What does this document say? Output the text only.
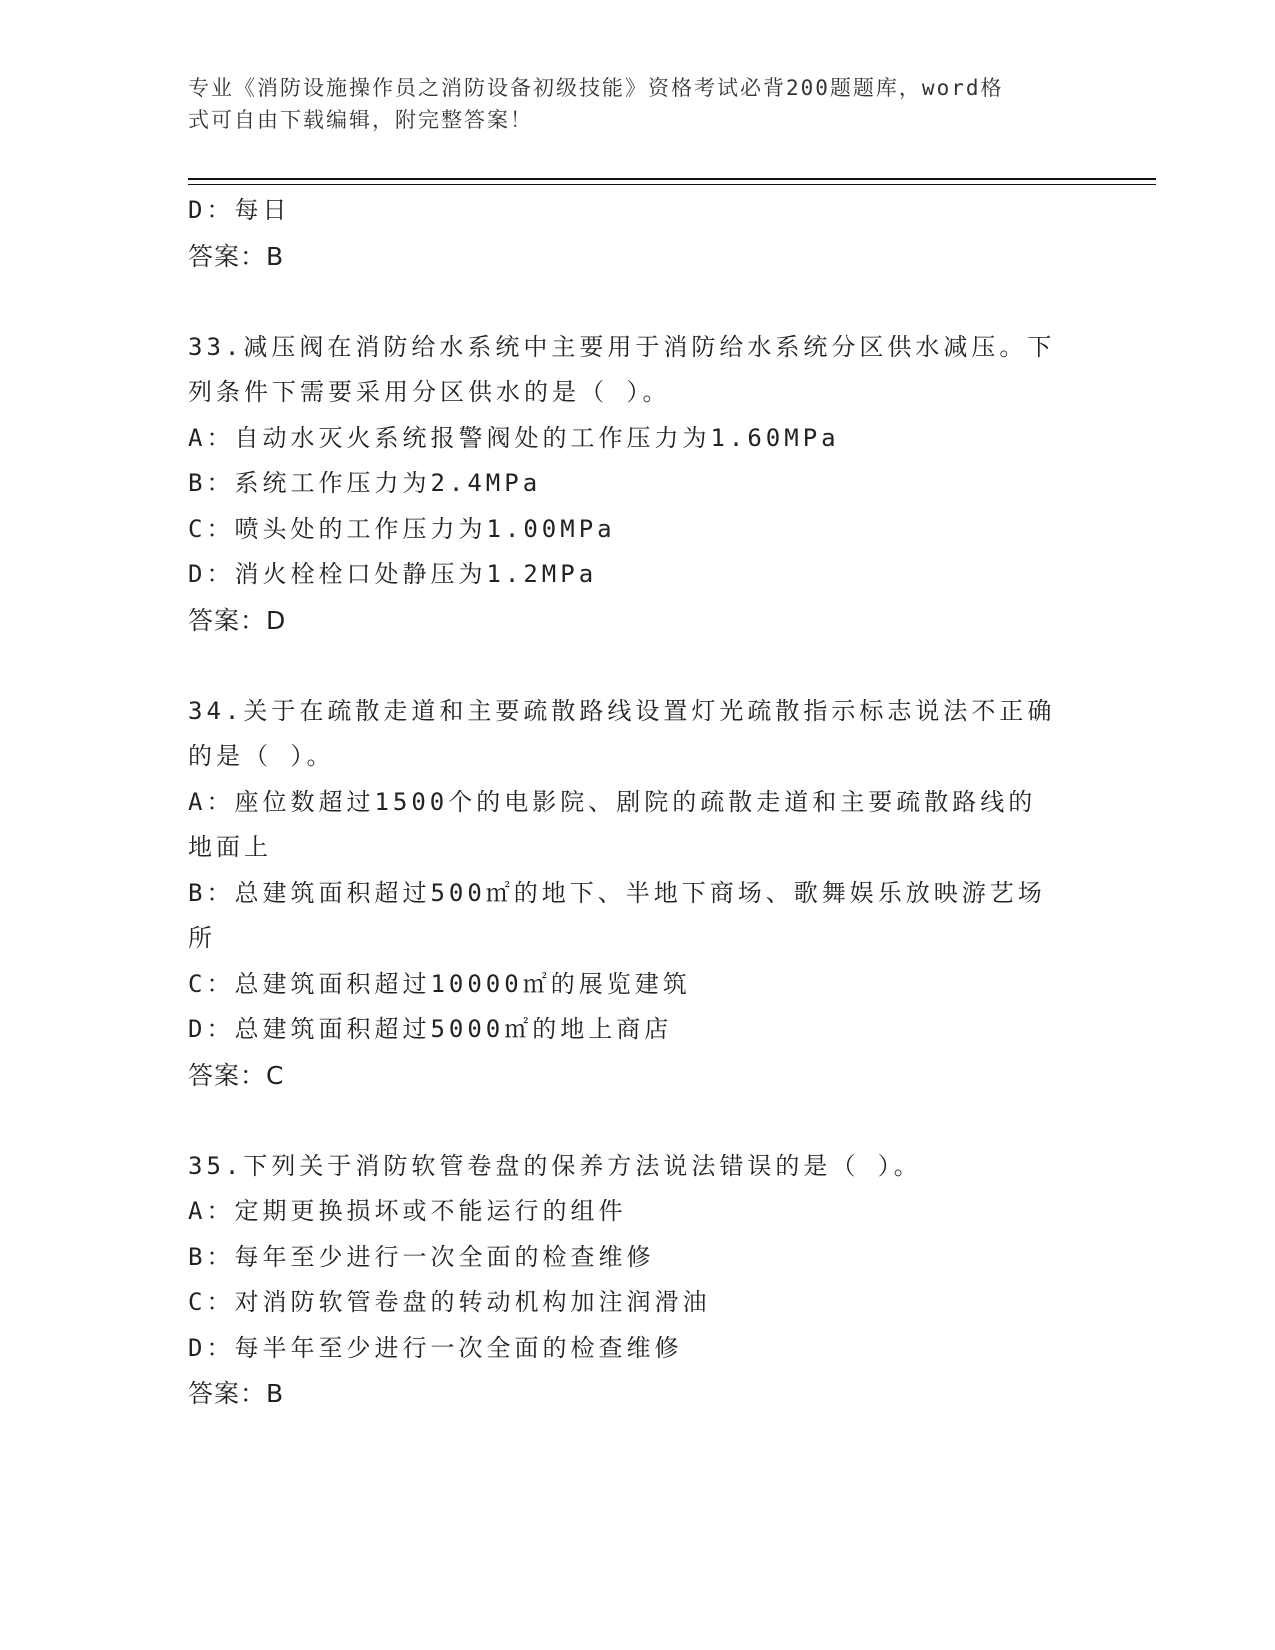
专业《消防设施操作员之消防设备初级技能》资格考试必背200题题库，word格
式可自由下载编辑，附完整答案！
D：每日
答案：B
33.减压阀在消防给水系统中主要用于消防给水系统分区供水减压。下
列条件下需要采用分区供水的是（ ）。
A：自动水灭火系统报警阀处的工作压力为1.60MPa
B：系统工作压力为2.4MPa
C：喷头处的工作压力为1.00MPa
D：消火栓栓口处静压为1.2MPa
答案：D
34.关于在疏散走道和主要疏散路线设置灯光疏散指示标志说法不正确
的是（ ）。
A：座位数超过1500个的电影院、剧院的疏散走道和主要疏散路线的
地面上
B：总建筑面积超过500㎡的地下、半地下商场、歌舞娱乐放映游艺场
所
C：总建筑面积超过10000㎡的展览建筑
D：总建筑面积超过5000㎡的地上商店
答案：C
35.下列关于消防软管卷盘的保养方法说法错误的是（ ）。
A：定期更换损坏或不能运行的组件
B：每年至少进行一次全面的检查维修
C：对消防软管卷盘的转动机构加注润滑油
D：每半年至少进行一次全面的检查维修
答案：B
